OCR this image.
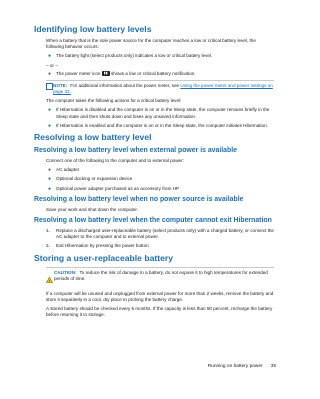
Identifying low battery levels

When a battery that is the sole power source for the computer reaches a low or critical battery level, the following behavior occurs:

● The battery light (select products only) indicates a low or critical battery level.
– or –
● The power meter icon ▮▮ shows a low or critical battery notification.
NOTE: For additional information about the power meter, see Using the power meter and power settings on page 33.

The computer takes the following actions for a critical battery level:

● If Hibernation is disabled and the computer is on or in the Sleep state, the computer remains briefly in the Sleep state and then shuts down and loses any unsaved information.
● If Hibernation is enabled and the computer is on or in the Sleep state, the computer initiates Hibernation.
Resolving a low battery level
Resolving a low battery level when external power is available

Connect one of the following to the computer and to external power:

● AC adapter
● Optional docking or expansion device
● Optional power adapter purchased as an accessory from HP
Resolving a low battery level when no power source is available

Save your work and shut down the computer.

Resolving a low battery level when the computer cannot exit Hibernation
1. Replace a discharged user-replaceable battery (select products only) with a charged battery, or connect the AC adapter to the computer and to external power.
2. Exit Hibernation by pressing the power button.
Storing a user-replaceable battery
!

CAUTION: To reduce the risk of damage to a battery, do not expose it to high temperatures for extended periods of time.

If a computer will be unused and unplugged from external power for more than 2 weeks, remove the battery and store it separately in a cool, dry place to prolong the battery charge.

A stored battery should be checked every 6 months. If the capacity is less than 50 percent, recharge the battery before returning it to storage.

Running on battery power 35
